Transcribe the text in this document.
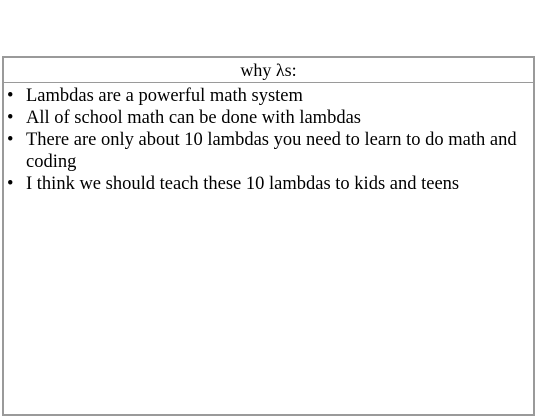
why λs:
• Lambdas are a powerful math system
• All of school math can be done with lambdas
• There are only about 10 lambdas you need to learn to do math and coding
• I think we should teach these 10 lambdas to kids and teens
